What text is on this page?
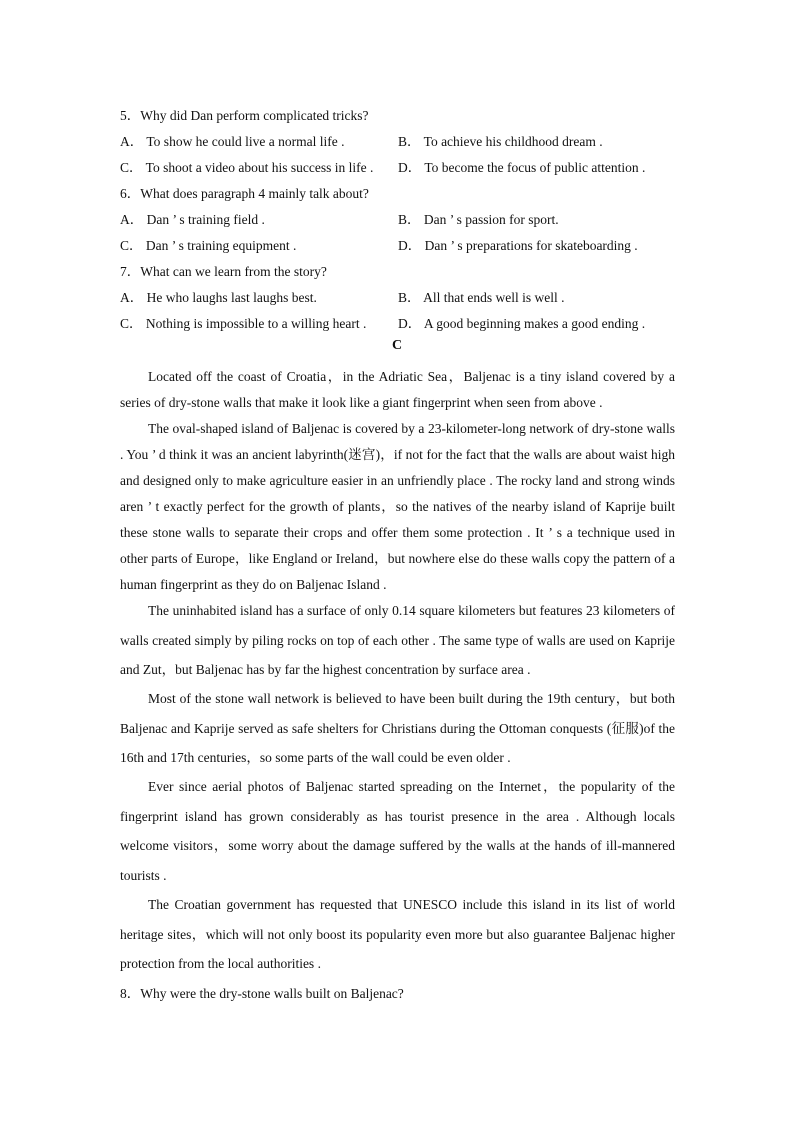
5．Why did Dan perform complicated tricks?
A． To show he could live a normal life .	B． To achieve his childhood dream .
C． To shoot a video about his success in life . D． To become the focus of public attention .
6．What does paragraph 4 mainly talk about?
A． Dan ’ s training field .	B． Dan ’ s passion for sport.
C． Dan ’ s training equipment .	D． Dan ’ s preparations for skateboarding .
7．What can we learn from the story?
A． He who laughs last laughs best.	B． All that ends well is well .
C． Nothing is impossible to a willing heart . D． A good beginning makes a good ending .
C

Located off the coast of Croatia，in the Adriatic Sea，Baljenac is a tiny island covered by a series of dry-stone walls that make it look like a giant fingerprint when seen from above .

The oval-shaped island of Baljenac is covered by a 23-kilometer-long network of dry-stone walls . You ’ d think it was an ancient labyrinth(迷宫)，if not for the fact that the walls are about waist high and designed only to make agriculture easier in an unfriendly place . The rocky land and strong winds aren ’ t exactly perfect for the growth of plants，so the natives of the nearby island of Kaprije built these stone walls to separate their crops and offer them some protection . It ’ s a technique used in other parts of Europe，like England or Ireland，but nowhere else do these walls copy the pattern of a human fingerprint as they do on Baljenac Island .

The uninhabited island has a surface of only 0.14 square kilometers but features 23 kilometers of walls created simply by piling rocks on top of each other . The same type of walls are used on Kaprije and Zut，but Baljenac has by far the highest concentration by surface area .

Most of the stone wall network is believed to have been built during the 19th century，but both Baljenac and Kaprije served as safe shelters for Christians during the Ottoman conquests (征服)of the 16th and 17th centuries，so some parts of the wall could be even older .

Ever since aerial photos of Baljenac started spreading on the Internet，the popularity of the fingerprint island has grown considerably as has tourist presence in the area . Although locals welcome visitors，some worry about the damage suffered by the walls at the hands of ill-mannered tourists .

The Croatian government has requested that UNESCO include this island in its list of world heritage sites，which will not only boost its popularity even more but also guarantee Baljenac higher protection from the local authorities .

8．Why were the dry-stone walls built on Baljenac?
